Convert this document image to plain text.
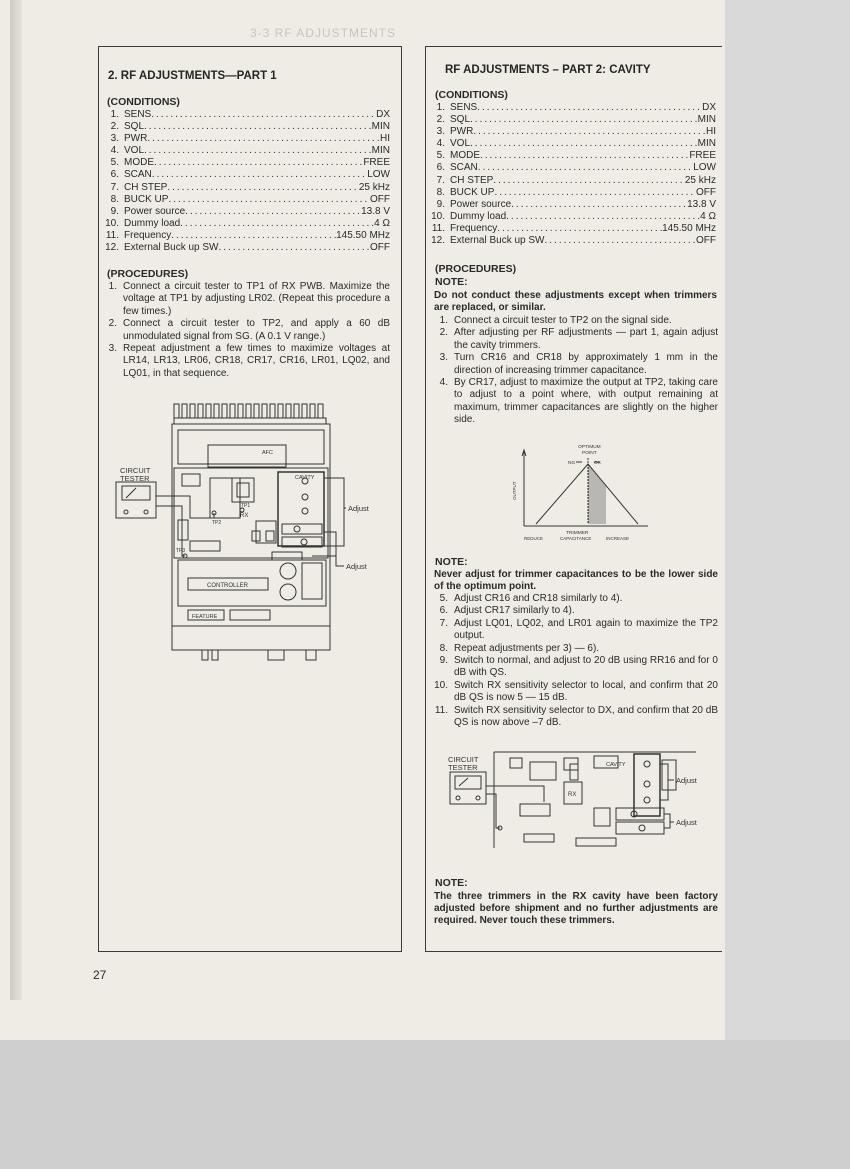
3-3 RF ADJUSTMENTS
2. RF ADJUSTMENTS—PART 1
(CONDITIONS)
1. SENS .....	DX
2. SQL .....	MIN
3. PWR .....	HI
4. VOL .....	MIN
5. MODE .....	FREE
6. SCAN .....	LOW
7. CH STEP .....	25 kHz
8. BUCK UP .....	OFF
9. Power source .....	13.8 V
10. Dummy load .....	4 Ω
11. Frequency .....	145.50 MHz
12. External Buck up SW .....	OFF
(PROCEDURES)
1. Connect a circuit tester to TP1 of RX PWB. Maximize the voltage at TP1 by adjusting LR02. (Repeat this procedure a few times.)
2. Connect a circuit tester to TP2, and apply a 60 dB unmodulated signal from SG. (A 0.1 V range.)
3. Repeat adjustment a few times to maximize voltages at LR14, LR13, LR06, CR18, CR17, CR16, LR01, LQ02, and LQ01, in that sequence.
CIRCUIT
TESTER
Adjust
Adjust
AFC
CAVITY
RX
CONTROLLER
FEATURE
TP1
TP2
TP3
RF ADJUSTMENTS – PART 2: CAVITY
(CONDITIONS)
1. SENS .....	DX
2. SQL .....	MIN
3. PWR .....	HI
4. VOL .....	MIN
5. MODE .....	FREE
6. SCAN .....	LOW
7. CH STEP .....	25 kHz
8. BUCK UP .....	OFF
9. Power source .....	13.8 V
10. Dummy load .....	4 Ω
11. Frequency .....	145.50 MHz
12. External Buck up SW .....	OFF
(PROCEDURES)
NOTE:
Do not conduct these adjustments except when trimmers are replaced, or similar.
1. Connect a circuit tester to TP2 on the signal side.
2. After adjusting per RF adjustments — part 1, again adjust the cavity trimmers.
3. Turn CR16 and CR18 by approximately 1 mm in the direction of increasing trimmer capacitance.
4. By CR17, adjust to maximize the output at TP2, taking care to adjust to a point where, with output remaining at maximum, trimmer capacitances are slightly on the higher side.
OPTIMUM
POINT
NG	OK
OUTPUT
TRIMMER
REDUCE	CAPACITANCE	INCREASE
NOTE:
Never adjust for trimmer capacitances to be the lower side of the optimum point.
5. Adjust CR16 and CR18 similarly to 4).
6. Adjust CR17 similarly to 4).
7. Adjust LQ01, LQ02, and LR01 again to maximize the TP2 output.
8. Repeat adjustments per 3) — 6).
9. Switch to normal, and adjust to 20 dB using RR16 and for 0 dB with QS.
10. Switch RX sensitivity selector to local, and confirm that 20 dB QS is now 5 — 15 dB.
11. Switch RX sensitivity selector to DX, and confirm that 20 dB QS is now above –7 dB.
CIRCUIT
TESTER
Adjust
Adjust
CAVITY
RX
NOTE:
The three trimmers in the RX cavity have been factory adjusted before shipment and no further adjustments are required. Never touch these trimmers.
27
